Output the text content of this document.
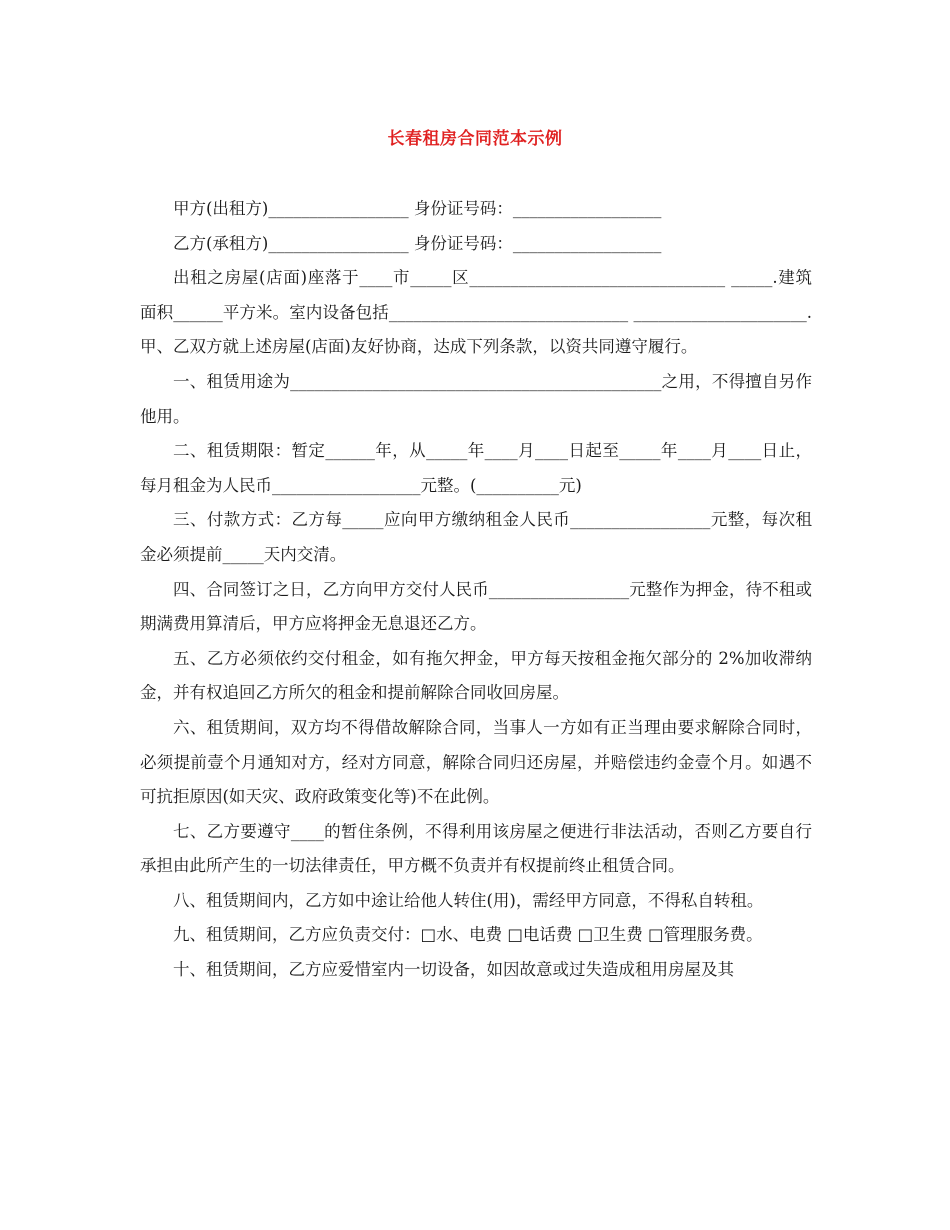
长春租房合同范本示例

甲方(出租方)_________________ 身份证号码：__________________

乙方(承租方)_________________ 身份证号码：__________________

出租之房屋(店面)座落于____市_____区_______________________________ _____.建筑面积______平方米。室内设备包括_____________________________ _____________________.甲、乙双方就上述房屋(店面)友好协商，达成下列条款，以资共同遵守履行。

一、租赁用途为_____________________________________________之用，不得擅自另作他用。

二、租赁期限：暂定______年，从_____年____月____日起至_____年____月____日止，每月租金为人民币__________________元整。(__________元)

三、付款方式：乙方每_____应向甲方缴纳租金人民币_________________元整，每次租金必须提前_____天内交清。

四、合同签订之日，乙方向甲方交付人民币_________________元整作为押金，待不租或期满费用算清后，甲方应将押金无息退还乙方。

五、乙方必须依约交付租金，如有拖欠押金，甲方每天按租金拖欠部分的 2%加收滞纳金，并有权追回乙方所欠的租金和提前解除合同收回房屋。

六、租赁期间，双方均不得借故解除合同，当事人一方如有正当理由要求解除合同时，必须提前壹个月通知对方，经对方同意，解除合同归还房屋，并赔偿违约金壹个月。如遇不可抗拒原因(如天灾、政府政策变化等)不在此例。

七、乙方要遵守____的暂住条例，不得利用该房屋之便进行非法活动，否则乙方要自行承担由此所产生的一切法律责任，甲方概不负责并有权提前终止租赁合同。

八、租赁期间内，乙方如中途让给他人转住(用)，需经甲方同意，不得私自转租。

九、租赁期间，乙方应负责交付：□水、电费 □电话费 □卫生费 □管理服务费。

十、租赁期间，乙方应爱惜室内一切设备，如因故意或过失造成租用房屋及其
